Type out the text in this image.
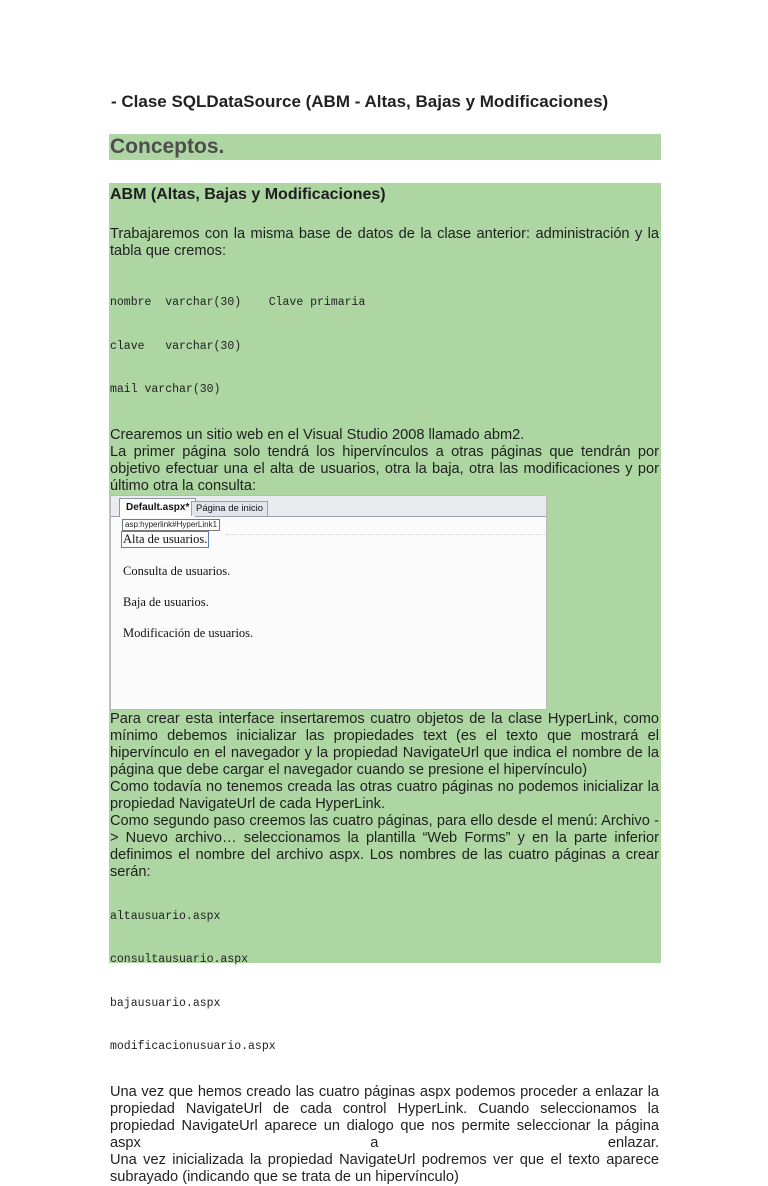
- Clase SQLDataSource (ABM - Altas, Bajas y Modificaciones)
Conceptos.
ABM (Altas, Bajas y Modificaciones)

Trabajaremos con la misma base de datos de la clase anterior: administración y la tabla que cremos:

nombre  varchar(30)    Clave primaria

clave   varchar(30)

mail varchar(30)

Crearemos un sitio web en el Visual Studio 2008 llamado abm2.

La primer página solo tendrá los hipervínculos a otras páginas que tendrán por objetivo efectuar una el alta de usuarios, otra la baja, otra las modificaciones y por último otra la consulta:

Default.aspx* Página de inicio
asp:hyperlink#HyperLink1
Alta de usuarios.
Consulta de usuarios.
Baja de usuarios.
Modificación de usuarios.

Para crear esta interface insertaremos cuatro objetos de la clase HyperLink, como mínimo debemos inicializar las propiedades text (es el texto que mostrará el hipervínculo en el navegador y la propiedad NavigateUrl que indica el nombre de la página que debe cargar el navegador cuando se presione el hipervínculo)

Como todavía no tenemos creada las otras cuatro páginas no podemos inicializar la propiedad NavigateUrl de cada HyperLink.

Como segundo paso creemos las cuatro páginas, para ello desde el menú: Archivo -> Nuevo archivo… seleccionamos la plantilla “Web Forms” y en la parte inferior definimos el nombre del archivo aspx. Los nombres de las cuatro páginas a crear serán:

altausuario.aspx

consultausuario.aspx

bajausuario.aspx

modificacionusuario.aspx

Una vez que hemos creado las cuatro páginas aspx podemos proceder a enlazar la propiedad NavigateUrl de cada control HyperLink. Cuando seleccionamos la propiedad NavigateUrl aparece un dialogo que nos permite seleccionar la página aspx a enlazar.

Una vez inicializada la propiedad NavigateUrl podremos ver que el texto aparece subrayado (indicando que se trata de un hipervínculo)
